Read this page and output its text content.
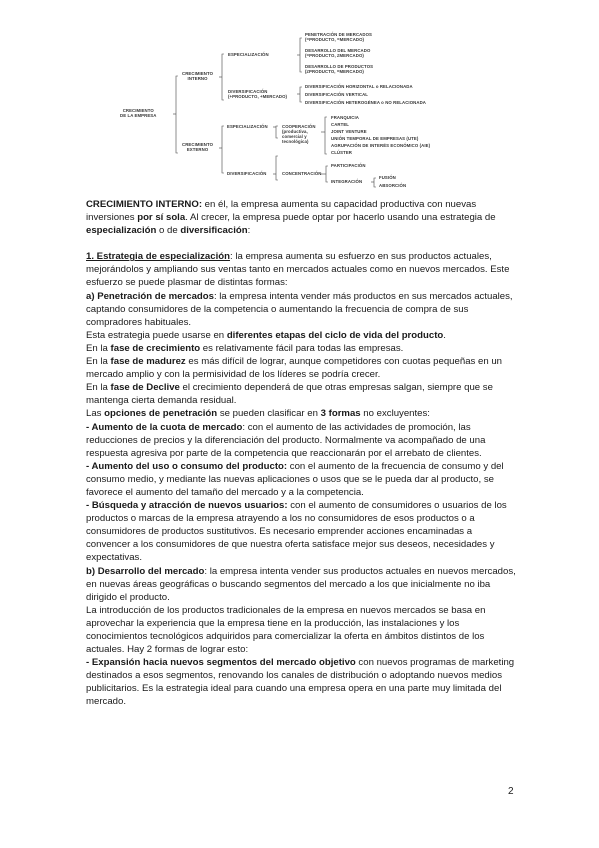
CRECIMIENTO
DE LA EMPRESA
CRECIMIENTO
INTERNO
CRECIMIENTO
EXTERNO
ESPECIALIZACIÓN
DIVERSIFICACIÓN
(+PRODUCTO, +MERCADO)
PENETRACIÓN DE MERCADOS
(=PRODUCTO, =MERCADO)
DESARROLLO DEL MERCADO
(=PRODUCTO, ≠MERCADO)
DESARROLLO DE PRODUCTOS
(≠PRODUCTO, =MERCADO)
DIVERSIFICACIÓN HORIZONTAL o RELACIONADA
DIVERSIFICACIÓN VERTICAL
DIVERSIFICACIÓN HETEROGÉNEA o NO RELACIONADA
ESPECIALIZACIÓN
DIVERSIFICACIÓN
COOPERACIÓN
(productiva,
comercial y
tecnológica)
FRANQUICIA
CARTEL
JOINT VENTURE
UNIÓN TEMPORAL DE EMPRESAS (UTE)
AGRUPACIÓN DE INTERÉS ECONÓMICO (AIE)
CLÚSTER
CONCENTRACIÓN
PARTICIPACIÓN
INTEGRACIÓN
FUSIÓN
ABSORCIÓN

CRECIMIENTO INTERNO: en él, la empresa aumenta su capacidad productiva con nuevas inversiones por sí sola. Al crecer, la empresa puede optar por hacerlo usando una estrategia de especialización o de diversificación:

1. Estrategia de especialización: la empresa aumenta su esfuerzo en sus productos actuales, mejorándolos y ampliando sus ventas tanto en mercados actuales como en nuevos mercados. Este esfuerzo se puede plasmar de distintas formas:

a) Penetración de mercados: la empresa intenta vender más productos en sus mercados actuales, captando consumidores de la competencia o aumentando la frecuencia de compra de sus compradores habituales.

Esta estrategia puede usarse en diferentes etapas del ciclo de vida del producto.

En la fase de crecimiento es relativamente fácil para todas las empresas.

En la fase de madurez es más difícil de lograr, aunque competidores con cuotas pequeñas en un mercado amplio y con la permisividad de los líderes se podría crecer.

En la fase de Declive el crecimiento dependerá de que otras empresas salgan, siempre que se mantenga cierta demanda residual.

Las opciones de penetración se pueden clasificar en 3 formas no excluyentes:

- Aumento de la cuota de mercado: con el aumento de las actividades de promoción, las reducciones de precios y la diferenciación del producto. Normalmente va acompañado de una respuesta agresiva por parte de la competencia que reaccionarán por el arrebato de clientes.

- Aumento del uso o consumo del producto: con el aumento de la frecuencia de consumo y del consumo medio, y mediante las nuevas aplicaciones o usos que se le pueda dar al producto, se favorece el aumento del tamaño del mercado y a la competencia.

- Búsqueda y atracción de nuevos usuarios: con el aumento de consumidores o usuarios de los productos o marcas de la empresa atrayendo a los no consumidores de esos productos o a consumidores de productos sustitutivos. Es necesario emprender acciones encaminadas a convencer a los consumidores de que nuestra oferta satisface mejor sus deseos, necesidades y expectativas.

b) Desarrollo del mercado: la empresa intenta vender sus productos actuales en nuevos mercados, en nuevas áreas geográficas o buscando segmentos del mercado a los que inicialmente no iba dirigido el producto.

La introducción de los productos tradicionales de la empresa en nuevos mercados se basa en aprovechar la experiencia que la empresa tiene en la producción, las instalaciones y los conocimientos tecnológicos adquiridos para comercializar la oferta en ámbitos distintos de los actuales. Hay 2 formas de lograr esto:

- Expansión hacia nuevos segmentos del mercado objetivo con nuevos programas de marketing destinados a esos segmentos, renovando los canales de distribución o adoptando nuevos medios publicitarios. Es la estrategia ideal para cuando una empresa opera en una parte muy limitada del mercado.

2
